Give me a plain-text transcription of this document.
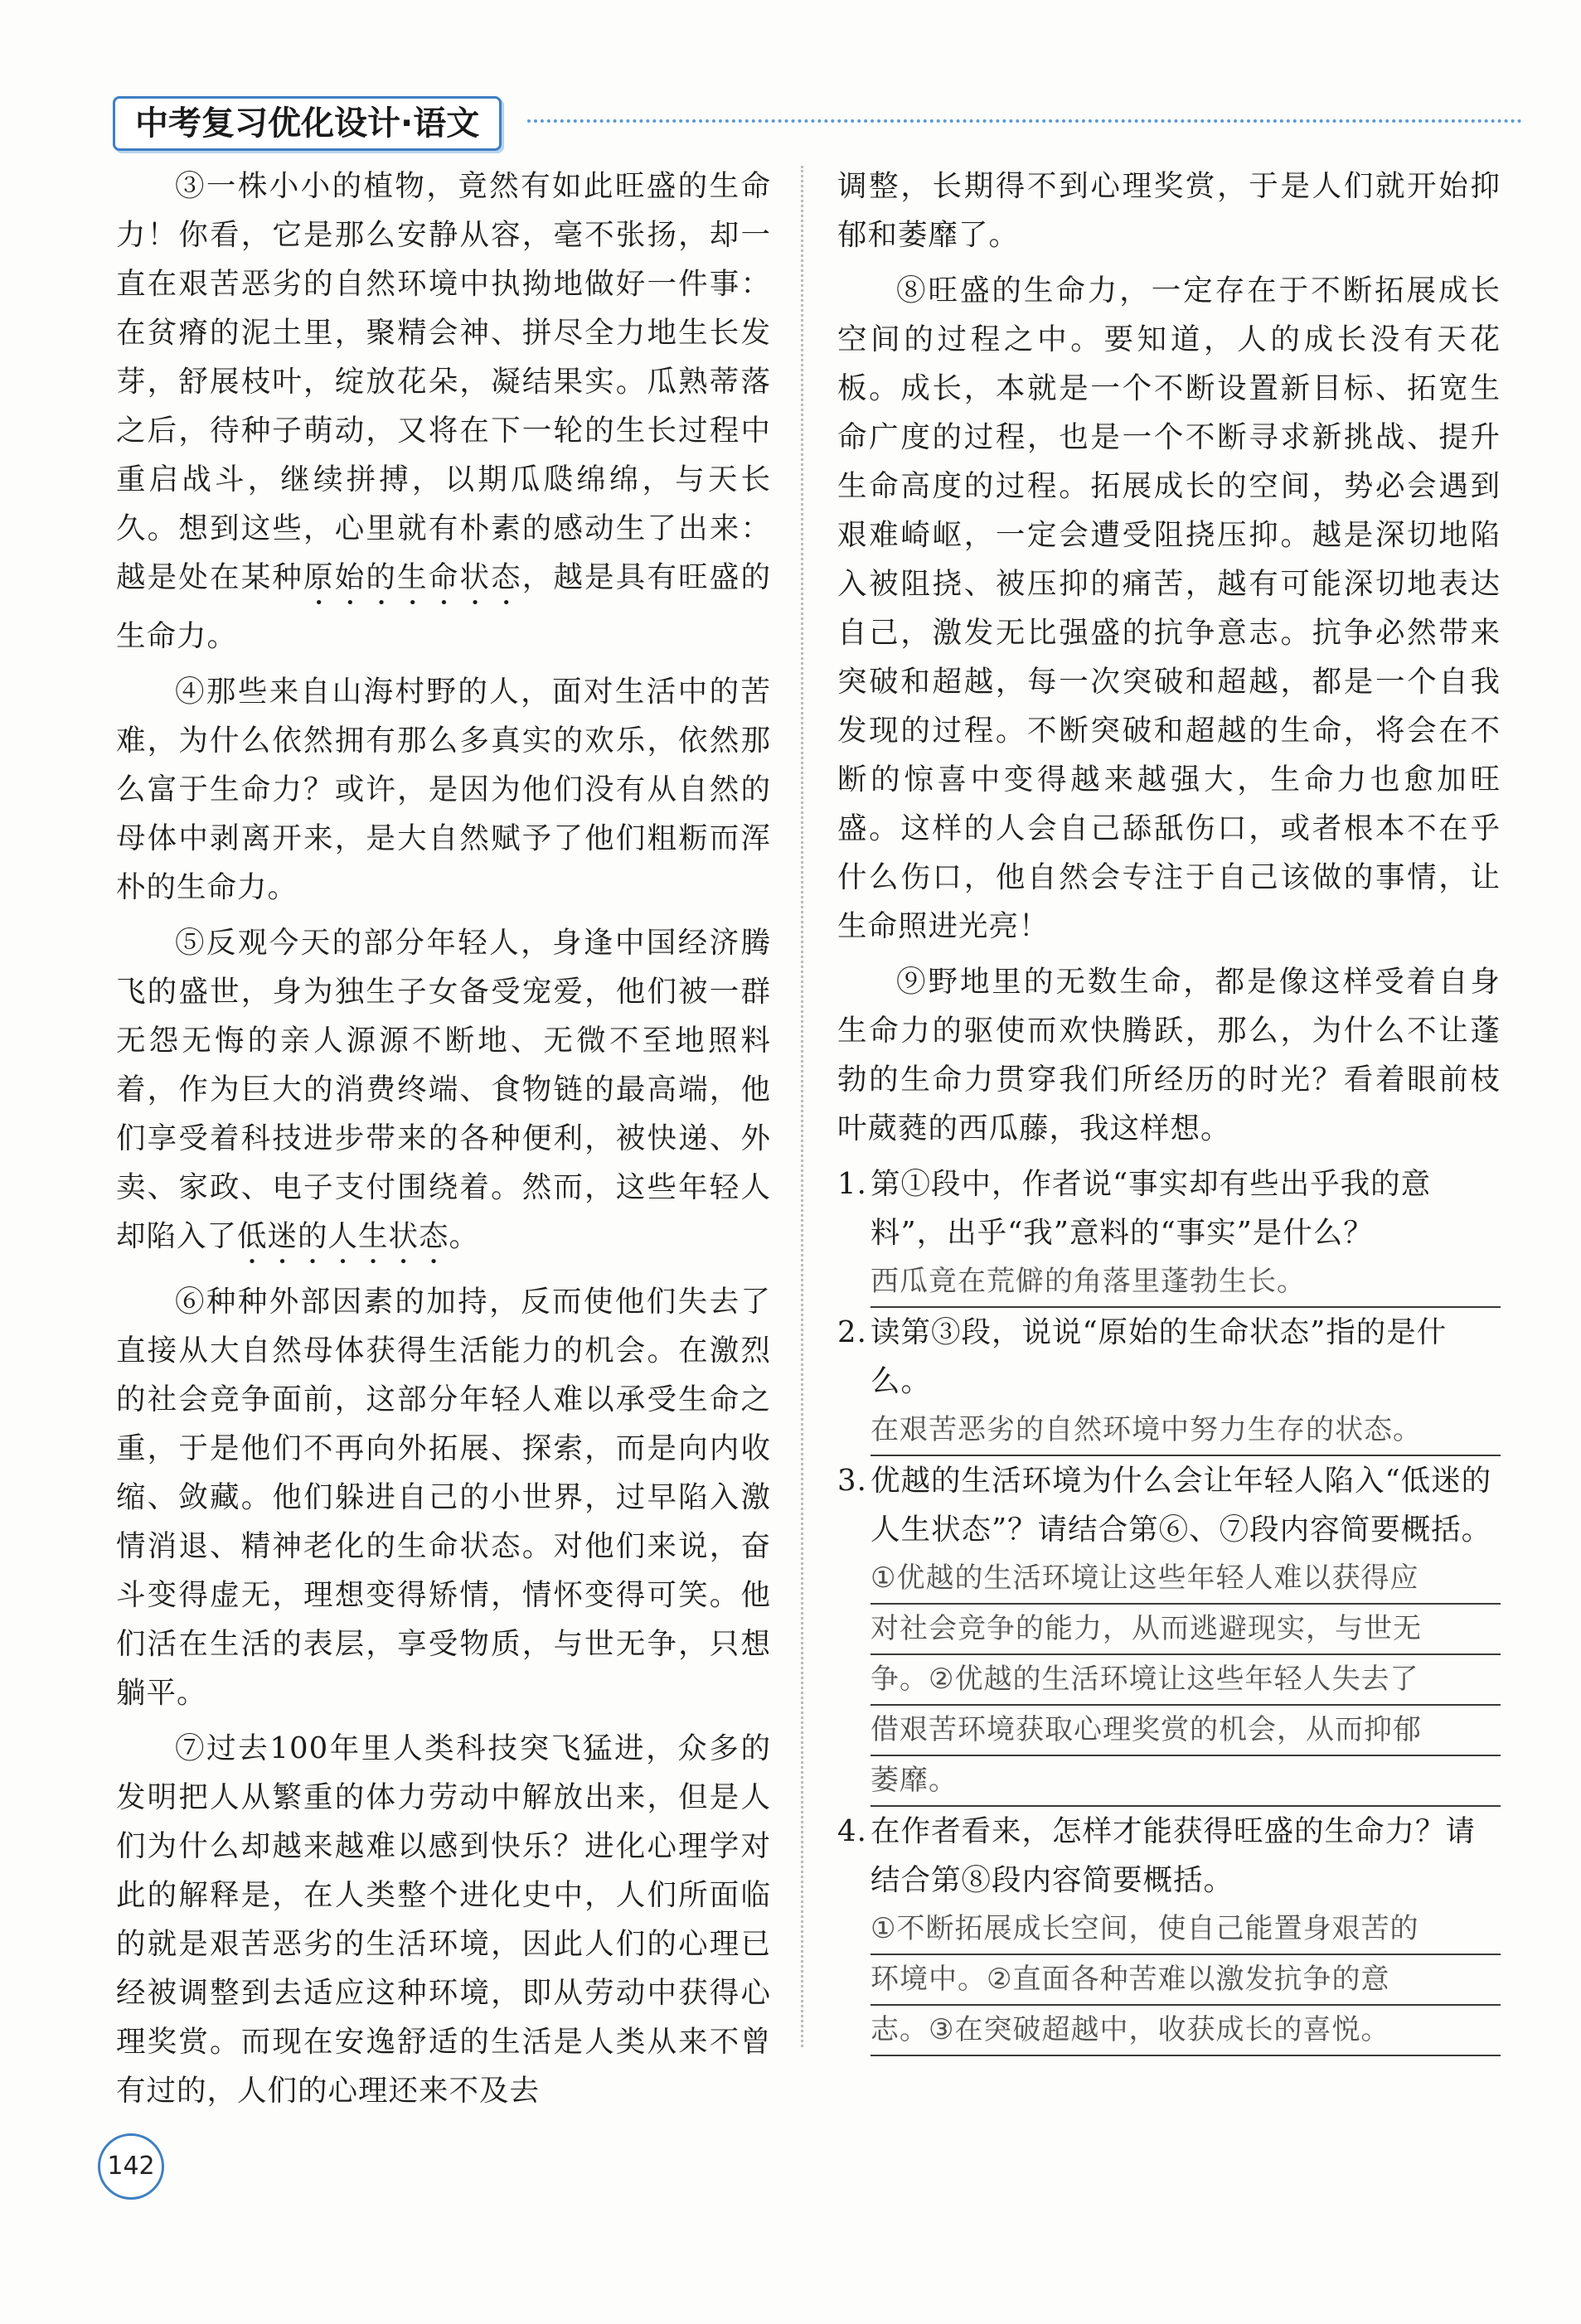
中考复习优化设计·语文

③一株小小的植物，竟然有如此旺盛的生命力！你看，它是那么安静从容，毫不张扬，却一直在艰苦恶劣的自然环境中执拗地做好一件事：在贫瘠的泥土里，聚精会神、拼尽全力地生长发芽，舒展枝叶，绽放花朵，凝结果实。瓜熟蒂落之后，待种子萌动，又将在下一轮的生长过程中重启战斗，继续拼搏，以期瓜瓞绵绵，与天长久。想到这些，心里就有朴素的感动生了出来：越是处在某种原始的生命状态，越是具有旺盛的生命力。

④那些来自山海村野的人，面对生活中的苦难，为什么依然拥有那么多真实的欢乐，依然那么富于生命力？或许，是因为他们没有从自然的母体中剥离开来，是大自然赋予了他们粗粝而浑朴的生命力。

⑤反观今天的部分年轻人，身逢中国经济腾飞的盛世，身为独生子女备受宠爱，他们被一群无怨无悔的亲人源源不断地、无微不至地照料着，作为巨大的消费终端、食物链的最高端，他们享受着科技进步带来的各种便利，被快递、外卖、家政、电子支付围绕着。然而，这些年轻人却陷入了低迷的人生状态。

⑥种种外部因素的加持，反而使他们失去了直接从大自然母体获得生活能力的机会。在激烈的社会竞争面前，这部分年轻人难以承受生命之重，于是他们不再向外拓展、探索，而是向内收缩、敛藏。他们躲进自己的小世界，过早陷入激情消退、精神老化的生命状态。对他们来说，奋斗变得虚无，理想变得矫情，情怀变得可笑。他们活在生活的表层，享受物质，与世无争，只想躺平。

⑦过去100年里人类科技突飞猛进，众多的发明把人从繁重的体力劳动中解放出来，但是人们为什么却越来越难以感到快乐？进化心理学对此的解释是，在人类整个进化史中，人们所面临的就是艰苦恶劣的生活环境，因此人们的心理已经被调整到去适应这种环境，即从劳动中获得心理奖赏。而现在安逸舒适的生活是人类从来不曾有过的，人们的心理还来不及去

调整，长期得不到心理奖赏，于是人们就开始抑郁和萎靡了。

⑧旺盛的生命力，一定存在于不断拓展成长空间的过程之中。要知道，人的成长没有天花板。成长，本就是一个不断设置新目标、拓宽生命广度的过程，也是一个不断寻求新挑战、提升生命高度的过程。拓展成长的空间，势必会遇到艰难崎岖，一定会遭受阻挠压抑。越是深切地陷入被阻挠、被压抑的痛苦，越有可能深切地表达自己，激发无比强盛的抗争意志。抗争必然带来突破和超越，每一次突破和超越，都是一个自我发现的过程。不断突破和超越的生命，将会在不断的惊喜中变得越来越强大，生命力也愈加旺盛。这样的人会自己舔舐伤口，或者根本不在乎什么伤口，他自然会专注于自己该做的事情，让生命照进光亮！

⑨野地里的无数生命，都是像这样受着自身生命力的驱使而欢快腾跃，那么，为什么不让蓬勃的生命力贯穿我们所经历的时光？看着眼前枝叶葳蕤的西瓜藤，我这样想。

1. 第①段中，作者说“事实却有些出乎我的意料”，出乎“我”意料的“事实”是什么？
西瓜竟在荒僻的角落里蓬勃生长。
2. 读第③段，说说“原始的生命状态”指的是什么。
在艰苦恶劣的自然环境中努力生存的状态。
3. 优越的生活环境为什么会让年轻人陷入“低迷的人生状态”？请结合第⑥、⑦段内容简要概括。
①优越的生活环境让这些年轻人难以获得应
对社会竞争的能力，从而逃避现实，与世无
争。②优越的生活环境让这些年轻人失去了
借艰苦环境获取心理奖赏的机会，从而抑郁
萎靡。
4. 在作者看来，怎样才能获得旺盛的生命力？请结合第⑧段内容简要概括。
①不断拓展成长空间，使自己能置身艰苦的
环境中。②直面各种苦难以激发抗争的意
志。③在突破超越中，收获成长的喜悦。
142
